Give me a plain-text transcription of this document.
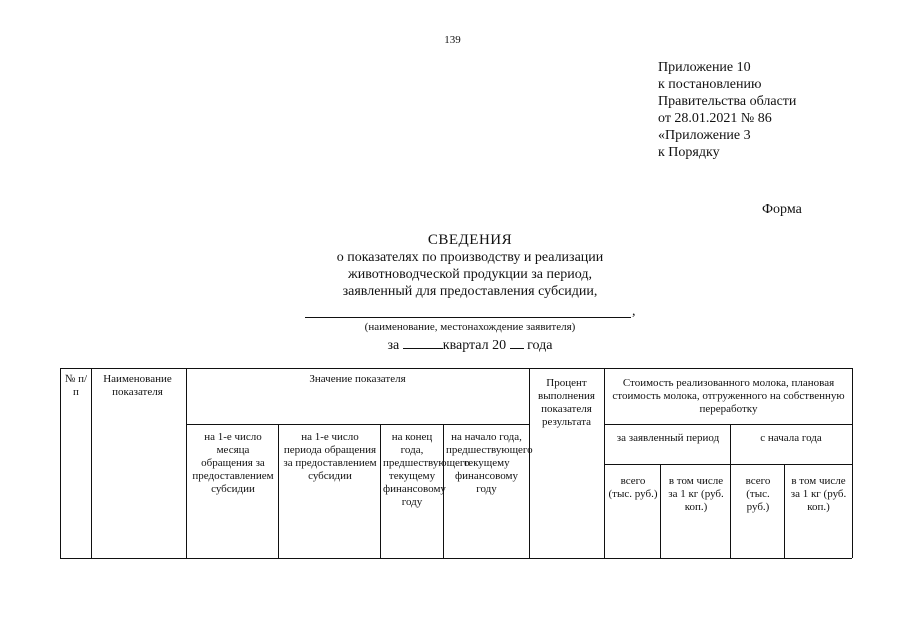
139
Приложение 10
к постановлению
Правительства области
от 28.01.2021 № 86
«Приложение 3
к Порядку
Форма
СВЕДЕНИЯ
о показателях по производству и реализации
животноводческой продукции за период,
заявленный для предоставления субсидии,
,
(наименование, местонахождение заявителя)
за	квартал 20 года
№ п/п
Наименование показателя
Значение показателя
на 1-е число месяца обращения за предоставлением субсидии
на 1-е число периода обращения за предоставлением субсидии
на конец года, предшествующего текущему финансовому году
на начало года, предшествующего текущему финансовому году
Процент выполнения показателя результата
Стоимость реализованного молока, плановая стоимость молока, отгруженного на собственную переработку
за заявленный период	с начала года
всего (тыс. руб.)
в том числе за 1 кг (руб. коп.)
всего (тыс. руб.)
в том числе за 1 кг (руб. коп.)
